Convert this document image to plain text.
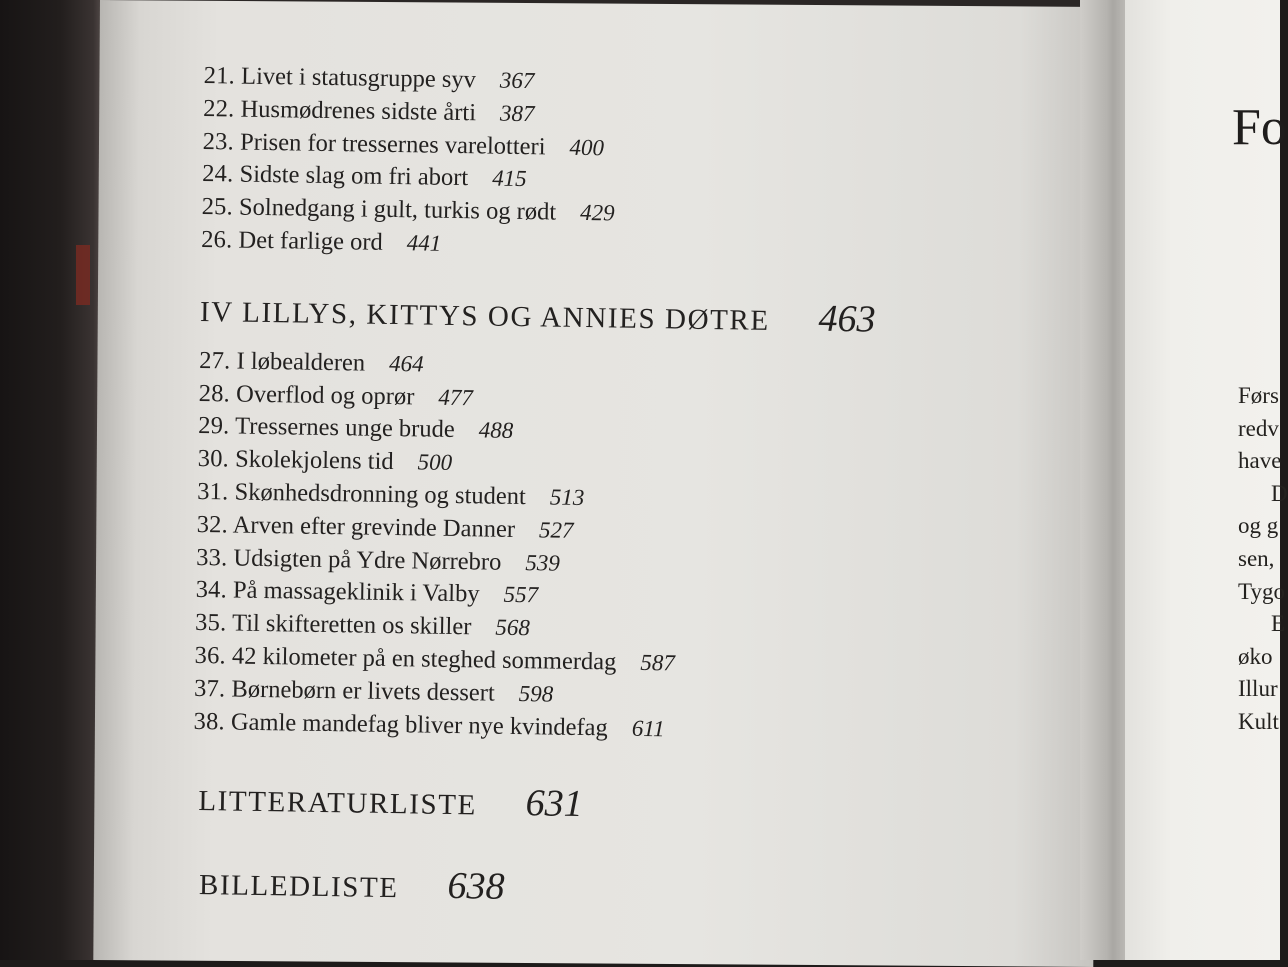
21. Livet i statusgruppe syv 367
22. Husmødrenes sidste årti 387
23. Prisen for tressernes varelotteri 400
24. Sidste slag om fri abort 415
25. Solnedgang i gult, turkis og rødt 429
26. Det farlige ord 441
IV LILLYS, KITTYS OG ANNIES DØTRE 463
27. I løbealderen 464
28. Overflod og oprør 477
29. Tressernes unge brude 488
30. Skolekjolens tid 500
31. Skønhedsdronning og student 513
32. Arven efter grevinde Danner 527
33. Udsigten på Ydre Nørrebro 539
34. På massageklinik i Valby 557
35. Til skifteretten os skiller 568
36. 42 kilometer på en steghed sommerdag 587
37. Børnebørn er livets dessert 598
38. Gamle mandefag bliver nye kvindefag 611
LITTERATURLISTE 631
BILLEDLISTE 638
Fo
Førs
redv
have
D
og g
sen,
Tygo
E
øko
Illur
Kult
